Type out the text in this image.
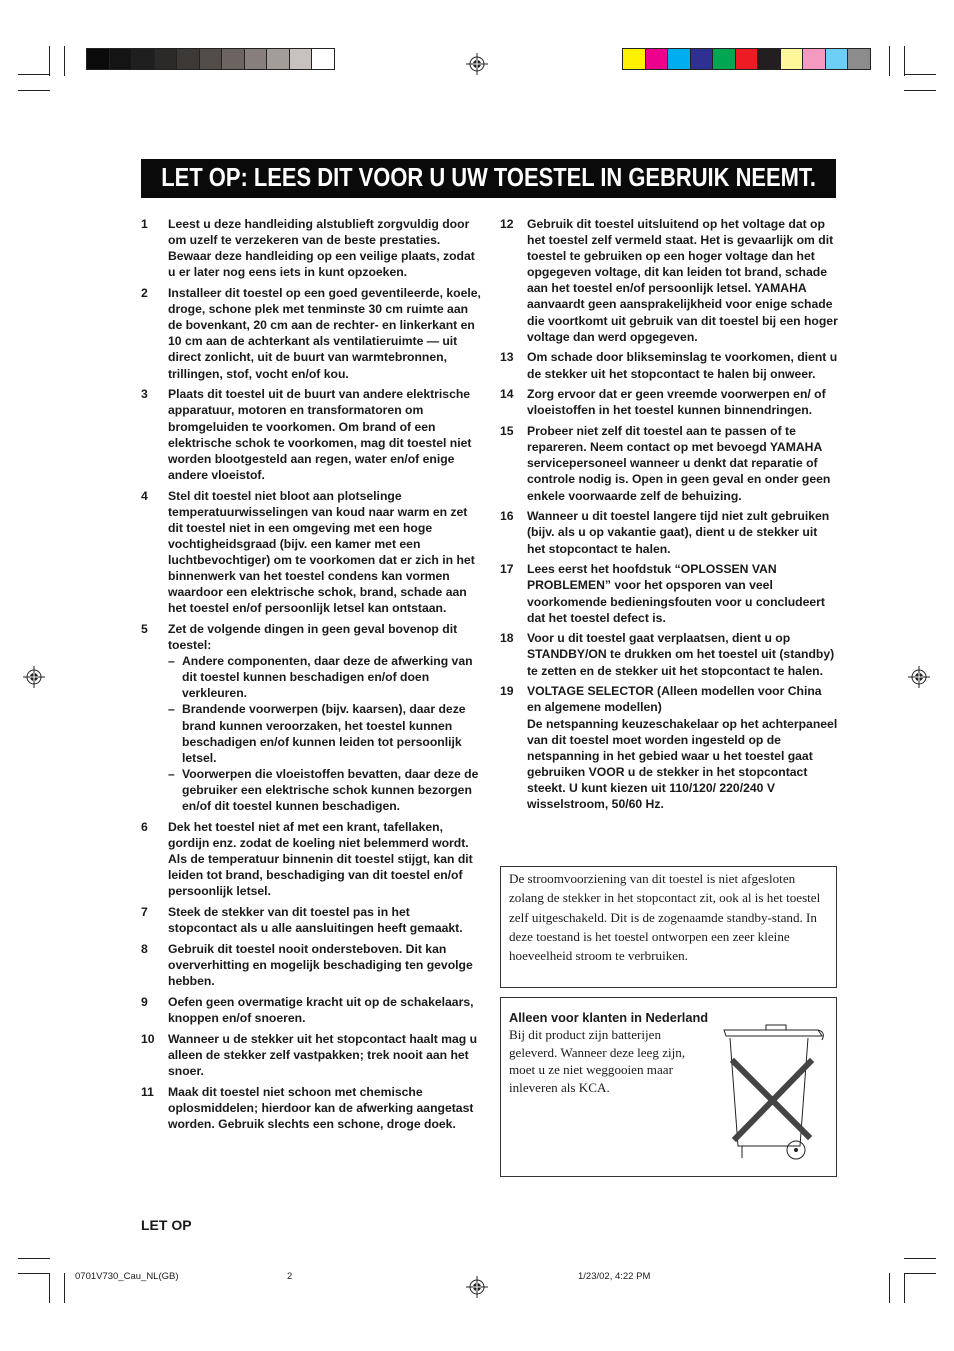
LET OP: LEES DIT VOOR U UW TOESTEL IN GEBRUIK NEEMT.
1	Leest u deze handleiding alstublieft zorgvuldig door om uzelf te verzekeren van de beste prestaties. Bewaar deze handleiding op een veilige plaats, zodat u er later nog eens iets in kunt opzoeken.
2	Installeer dit toestel op een goed geventileerde, koele, droge, schone plek met tenminste 30 cm ruimte aan de bovenkant, 20 cm aan de rechter- en linkerkant en 10 cm aan de achterkant als ventilatieruimte — uit direct zonlicht, uit de buurt van warmtebronnen, trillingen, stof, vocht en/of kou.
3	Plaats dit toestel uit de buurt van andere elektrische apparatuur, motoren en transformatoren om bromgeluiden te voorkomen. Om brand of een elektrische schok te voorkomen, mag dit toestel niet worden blootgesteld aan regen, water en/of enige andere vloeistof.
4	Stel dit toestel niet bloot aan plotselinge temperatuurwisselingen van koud naar warm en zet dit toestel niet in een omgeving met een hoge vochtigheidsgraad (bijv. een kamer met een luchtbevochtiger) om te voorkomen dat er zich in het binnenwerk van het toestel condens kan vormen waardoor een elektrische schok, brand, schade aan het toestel en/of persoonlijk letsel kan ontstaan.
5	Zet de volgende dingen in geen geval bovenop dit toestel:
– Andere componenten, daar deze de afwerking van dit toestel kunnen beschadigen en/of doen verkleuren.
– Brandende voorwerpen (bijv. kaarsen), daar deze brand kunnen veroorzaken, het toestel kunnen beschadigen en/of kunnen leiden tot persoonlijk letsel.
– Voorwerpen die vloeistoffen bevatten, daar deze de gebruiker een elektrische schok kunnen bezorgen en/of dit toestel kunnen beschadigen.
6	Dek het toestel niet af met een krant, tafellaken, gordijn enz. zodat de koeling niet belemmerd wordt. Als de temperatuur binnenin dit toestel stijgt, kan dit leiden tot brand, beschadiging van dit toestel en/of persoonlijk letsel.
7	Steek de stekker van dit toestel pas in het stopcontact als u alle aansluitingen heeft gemaakt.
8	Gebruik dit toestel nooit ondersteboven. Dit kan oververhitting en mogelijk beschadiging ten gevolge hebben.
9	Oefen geen overmatige kracht uit op de schakelaars, knoppen en/of snoeren.
10	Wanneer u de stekker uit het stopcontact haalt mag u alleen de stekker zelf vastpakken; trek nooit aan het snoer.
11	Maak dit toestel niet schoon met chemische oplosmiddelen; hierdoor kan de afwerking aangetast worden. Gebruik slechts een schone, droge doek.
12	Gebruik dit toestel uitsluitend op het voltage dat op het toestel zelf vermeld staat. Het is gevaarlijk om dit toestel te gebruiken op een hoger voltage dan het opgegeven voltage, dit kan leiden tot brand, schade aan het toestel en/of persoonlijk letsel. YAMAHA aanvaardt geen aansprakelijkheid voor enige schade die voortkomt uit gebruik van dit toestel bij een hoger voltage dan werd opgegeven.
13	Om schade door blikseminslag te voorkomen, dient u de stekker uit het stopcontact te halen bij onweer.
14	Zorg ervoor dat er geen vreemde voorwerpen en/ of vloeistoffen in het toestel kunnen binnendringen.
15	Probeer niet zelf dit toestel aan te passen of te repareren. Neem contact op met bevoegd YAMAHA servicepersoneel wanneer u denkt dat reparatie of controle nodig is. Open in geen geval en onder geen enkele voorwaarde zelf de behuizing.
16	Wanneer u dit toestel langere tijd niet zult gebruiken (bijv. als u op vakantie gaat), dient u de stekker uit het stopcontact te halen.
17	Lees eerst het hoofdstuk “OPLOSSEN VAN PROBLEMEN” voor het opsporen van veel voorkomende bedieningsfouten voor u concludeert dat het toestel defect is.
18	Voor u dit toestel gaat verplaatsen, dient u op STANDBY/ON te drukken om het toestel uit (standby) te zetten en de stekker uit het stopcontact te halen.
19	VOLTAGE SELECTOR (Alleen modellen voor China en algemene modellen)
De netspanning keuzeschakelaar op het achterpaneel van dit toestel moet worden ingesteld op de netspanning in het gebied waar u het toestel gaat gebruiken VOOR u de stekker in het stopcontact steekt. U kunt kiezen uit 110/120/ 220/240 V wisselstroom, 50/60 Hz.
De stroomvoorziening van dit toestel is niet afgesloten zolang de stekker in het stopcontact zit, ook al is het toestel zelf uitgeschakeld. Dit is de zogenaamde standby-stand. In deze toestand is het toestel ontworpen een zeer kleine hoeveelheid stroom te verbruiken.
Alleen voor klanten in Nederland
Bij dit product zijn batterijen geleverd. Wanneer deze leeg zijn, moet u ze niet weggooien maar inleveren als KCA.
LET OP
0701V730_Cau_NL(GB)	2	1/23/02, 4:22 PM
